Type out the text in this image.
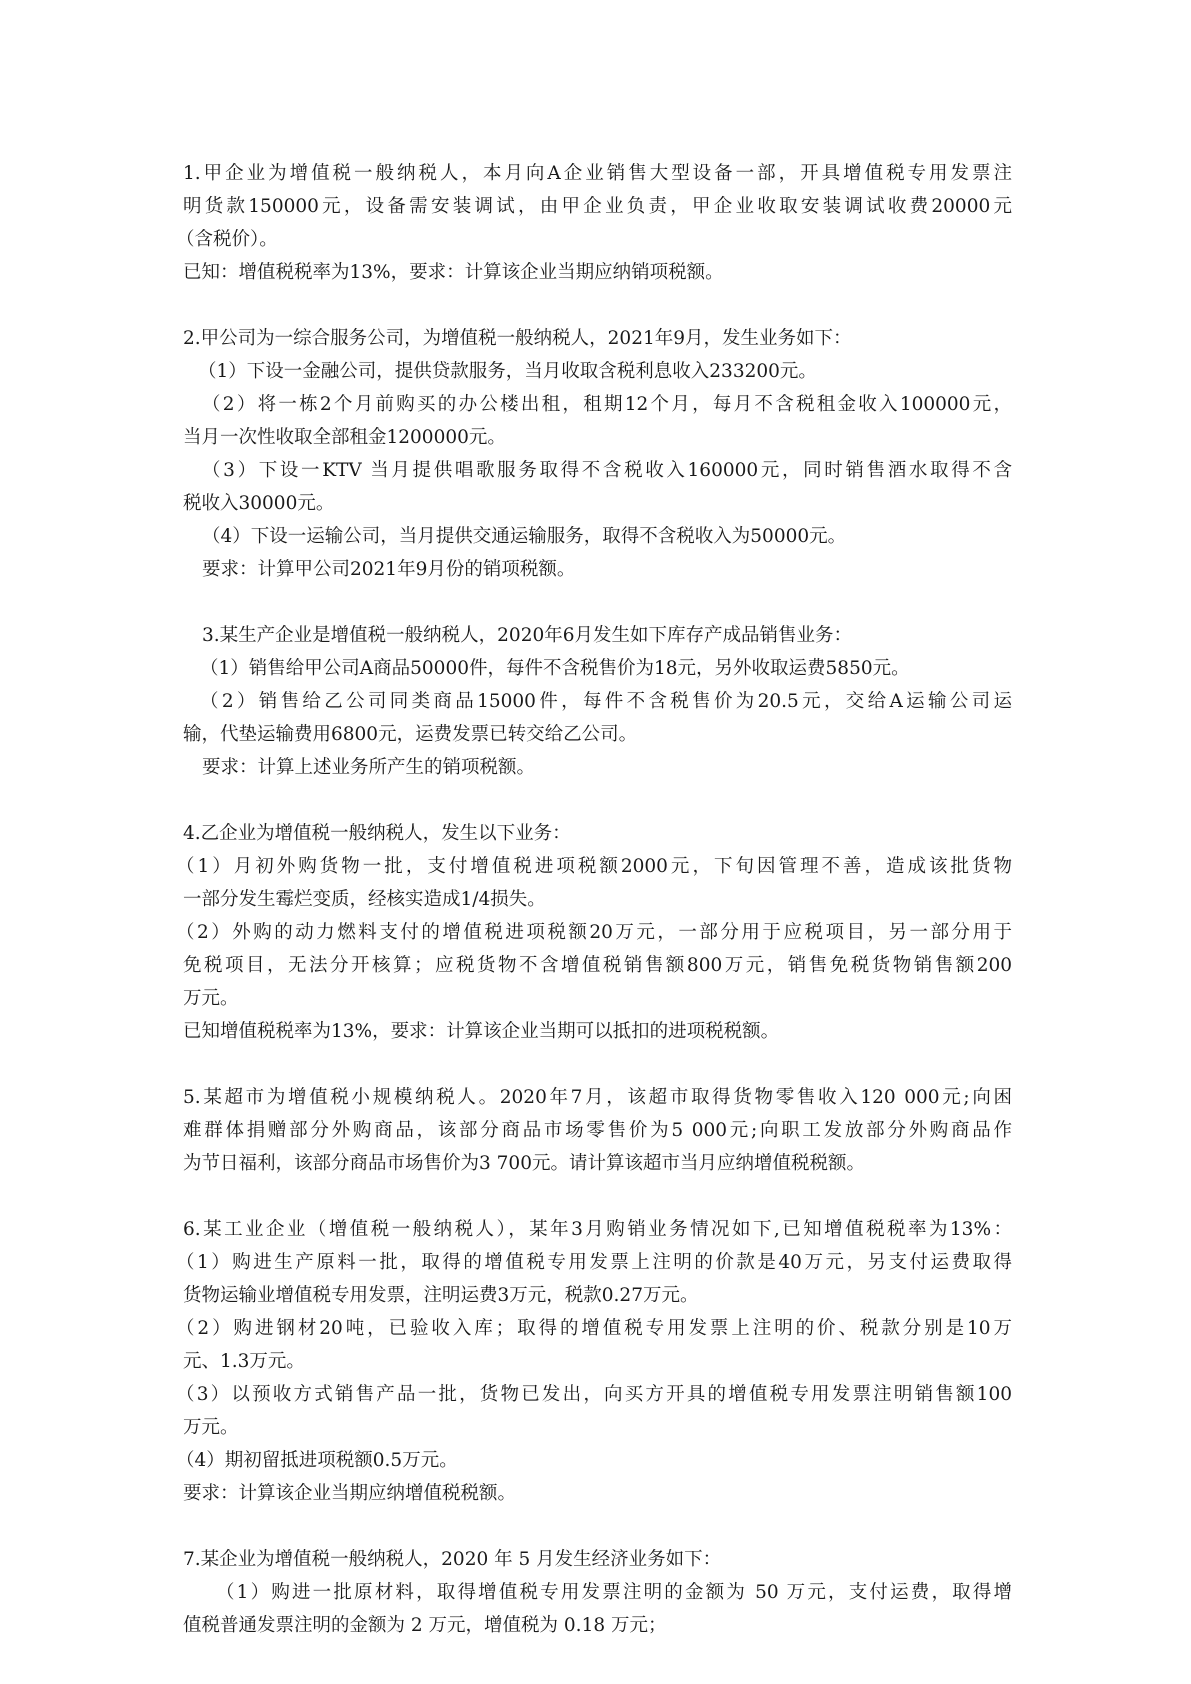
1.甲企业为增值税一般纳税人，本月向A企业销售大型设备一部，开具增值税专用发票注
明货款150000元，设备需安装调试，由甲企业负责，甲企业收取安装调试收费20000元
（含税价）。
已知：增值税税率为13%，要求：计算该企业当期应纳销项税额。
2.甲公司为一综合服务公司，为增值税一般纳税人，2021年9月，发生业务如下：
（1）下设一金融公司，提供贷款服务，当月收取含税利息收入233200元。
（2）将一栋2个月前购买的办公楼出租，租期12个月，每月不含税租金收入100000元，
当月一次性收取全部租金1200000元。
（3）下设一KTV 当月提供唱歌服务取得不含税收入160000元，同时销售酒水取得不含
税收入30000元。
（4）下设一运输公司，当月提供交通运输服务，取得不含税收入为50000元。
要求：计算甲公司2021年9月份的销项税额。
3.某生产企业是增值税一般纳税人，2020年6月发生如下库存产成品销售业务：
（1）销售给甲公司A商品50000件，每件不含税售价为18元，另外收取运费5850元。
（2）销售给乙公司同类商品15000件，每件不含税售价为20.5元，交给A运输公司运
输，代垫运输费用6800元，运费发票已转交给乙公司。
要求：计算上述业务所产生的销项税额。
4.乙企业为增值税一般纳税人，发生以下业务：
（1）月初外购货物一批，支付增值税进项税额2000元，下旬因管理不善，造成该批货物
一部分发生霉烂变质，经核实造成1/4损失。
（2）外购的动力燃料支付的增值税进项税额20万元，一部分用于应税项目，另一部分用于
免税项目，无法分开核算；应税货物不含增值税销售额800万元，销售免税货物销售额200
万元。
已知增值税税率为13%，要求：计算该企业当期可以抵扣的进项税税额。
5.某超市为增值税小规模纳税人。2020年7月，该超市取得货物零售收入120 000元;向困
难群体捐赠部分外购商品，该部分商品市场零售价为5 000元;向职工发放部分外购商品作
为节日福利，该部分商品市场售价为3 700元。请计算该超市当月应纳增值税税额。
6.某工业企业（增值税一般纳税人），某年3月购销业务情况如下,已知增值税税率为13%：
（1）购进生产原料一批，取得的增值税专用发票上注明的价款是40万元，另支付运费取得
货物运输业增值税专用发票，注明运费3万元，税款0.27万元。
（2）购进钢材20吨，已验收入库；取得的增值税专用发票上注明的价、税款分别是10万
元、1.3万元。
（3）以预收方式销售产品一批，货物已发出，向买方开具的增值税专用发票注明销售额100
万元。
（4）期初留抵进项税额0.5万元。
要求：计算该企业当期应纳增值税税额。
7.某企业为增值税一般纳税人，2020 年 5 月发生经济业务如下：
（1）购进一批原材料，取得增值税专用发票注明的金额为 50 万元，支付运费，取得增
值税普通发票注明的金额为 2 万元，增值税为 0.18 万元；
